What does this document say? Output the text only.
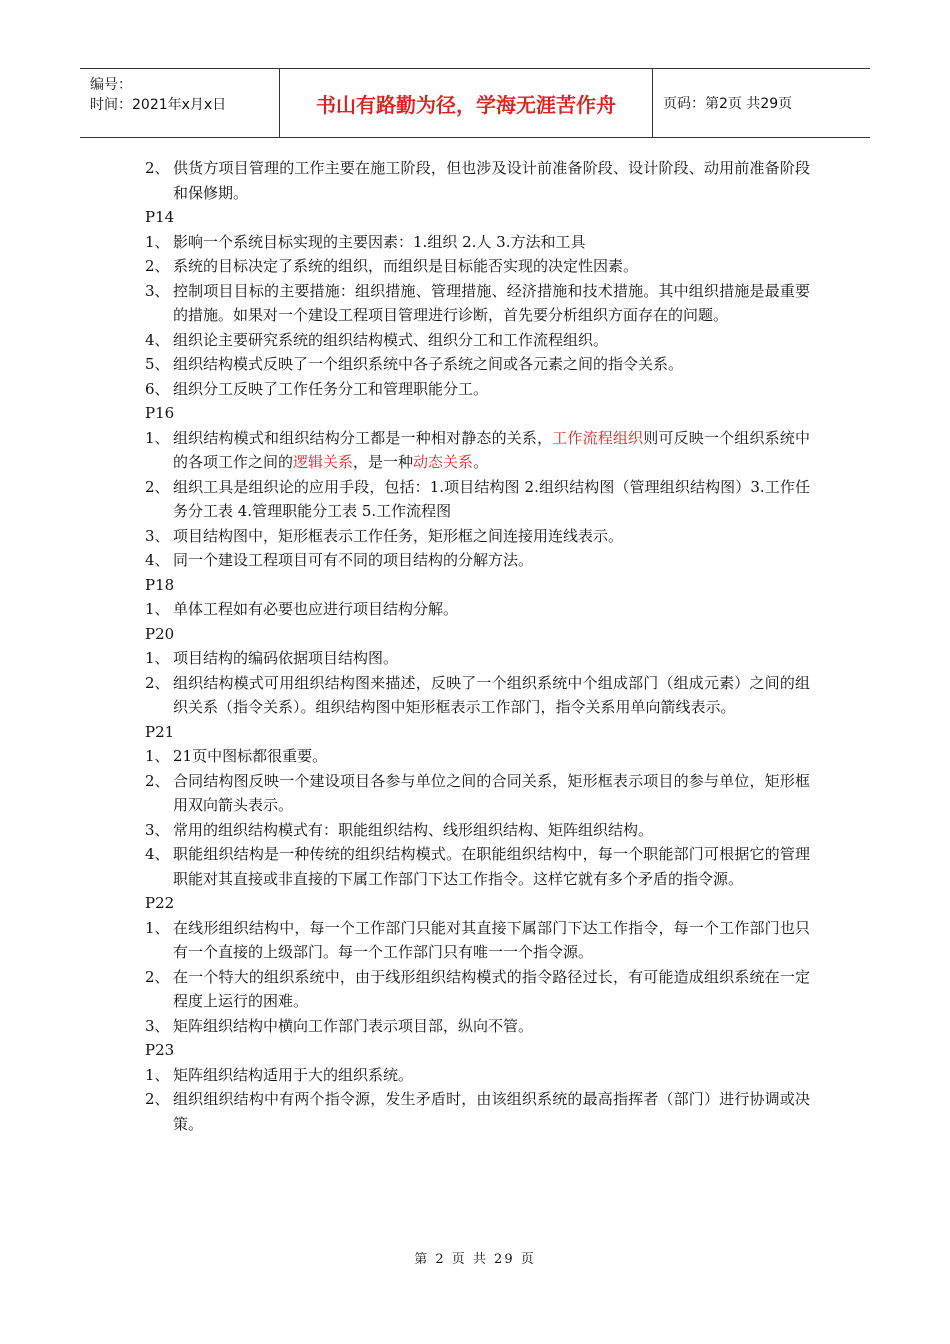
编号：
时间：2021年x月x日	书山有路勤为径，学海无涯苦作舟	页码：第2页 共29页
2、 供货方项目管理的工作主要在施工阶段，但也涉及设计前准备阶段、设计阶段、动用前准备阶段和保修期。
P14
1、 影响一个系统目标实现的主要因素：1.组织 2.人 3.方法和工具
2、 系统的目标决定了系统的组织，而组织是目标能否实现的决定性因素。
3、 控制项目目标的主要措施：组织措施、管理措施、经济措施和技术措施。其中组织措施是最重要的措施。如果对一个建设工程项目管理进行诊断，首先要分析组织方面存在的问题。
4、 组织论主要研究系统的组织结构模式、组织分工和工作流程组织。
5、 组织结构模式反映了一个组织系统中各子系统之间或各元素之间的指令关系。
6、 组织分工反映了工作任务分工和管理职能分工。
P16
1、 组织结构模式和组织结构分工都是一种相对静态的关系，工作流程组织则可反映一个组织系统中的各项工作之间的逻辑关系，是一种动态关系。
2、 组织工具是组织论的应用手段，包括：1.项目结构图 2.组织结构图（管理组织结构图）3.工作任务分工表 4.管理职能分工表 5.工作流程图
3、 项目结构图中，矩形框表示工作任务，矩形框之间连接用连线表示。
4、 同一个建设工程项目可有不同的项目结构的分解方法。
P18
1、 单体工程如有必要也应进行项目结构分解。
P20
1、 项目结构的编码依据项目结构图。
2、 组织结构模式可用组织结构图来描述，反映了一个组织系统中个组成部门（组成元素）之间的组织关系（指令关系）。组织结构图中矩形框表示工作部门，指令关系用单向箭线表示。
P21
1、 21页中图标都很重要。
2、 合同结构图反映一个建设项目各参与单位之间的合同关系，矩形框表示项目的参与单位，矩形框用双向箭头表示。
3、 常用的组织结构模式有：职能组织结构、线形组织结构、矩阵组织结构。
4、 职能组织结构是一种传统的组织结构模式。在职能组织结构中，每一个职能部门可根据它的管理职能对其直接或非直接的下属工作部门下达工作指令。这样它就有多个矛盾的指令源。
P22
1、 在线形组织结构中，每一个工作部门只能对其直接下属部门下达工作指令，每一个工作部门也只有一个直接的上级部门。每一个工作部门只有唯一一个指令源。
2、 在一个特大的组织系统中，由于线形组织结构模式的指令路径过长，有可能造成组织系统在一定程度上运行的困难。
3、 矩阵组织结构中横向工作部门表示项目部，纵向不管。
P23
1、 矩阵组织结构适用于大的组织系统。
2、 组织组织结构中有两个指令源，发生矛盾时，由该组织系统的最高指挥者（部门）进行协调或决策。
第 2 页 共 29 页
